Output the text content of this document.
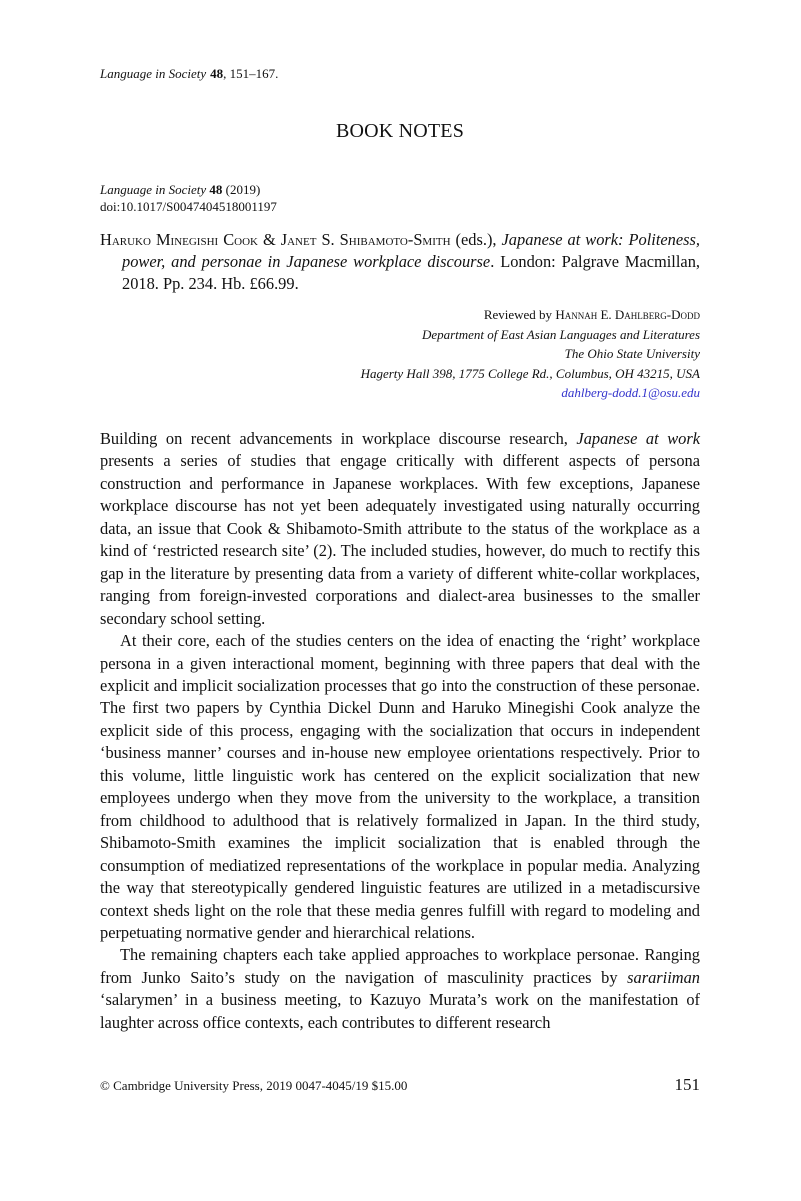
Language in Society 48, 151–167.
BOOK NOTES
Language in Society 48 (2019)
doi:10.1017/S0047404518001197
Haruko Minegishi Cook & Janet S. Shibamoto-Smith (eds.), Japanese at work: Politeness, power, and personae in Japanese workplace discourse. London: Palgrave Macmillan, 2018. Pp. 234. Hb. £66.99.
Reviewed by Hannah E. Dahlberg-Dodd
Department of East Asian Languages and Literatures
The Ohio State University
Hagerty Hall 398, 1775 College Rd., Columbus, OH 43215, USA
dahlberg-dodd.1@osu.edu

Building on recent advancements in workplace discourse research, Japanese at work presents a series of studies that engage critically with different aspects of persona construction and performance in Japanese workplaces. With few exceptions, Japanese workplace discourse has not yet been adequately investigated using naturally occurring data, an issue that Cook & Shibamoto-Smith attribute to the status of the workplace as a kind of ‘restricted research site’ (2). The included studies, however, do much to rectify this gap in the literature by presenting data from a variety of different white-collar workplaces, ranging from foreign-invested corporations and dialect-area businesses to the smaller secondary school setting.

At their core, each of the studies centers on the idea of enacting the ‘right’ workplace persona in a given interactional moment, beginning with three papers that deal with the explicit and implicit socialization processes that go into the construction of these personae. The first two papers by Cynthia Dickel Dunn and Haruko Minegishi Cook analyze the explicit side of this process, engaging with the socialization that occurs in independent ‘business manner’ courses and in-house new employee orientations respectively. Prior to this volume, little linguistic work has centered on the explicit socialization that new employees undergo when they move from the university to the workplace, a transition from childhood to adulthood that is relatively formalized in Japan. In the third study, Shibamoto-Smith examines the implicit socialization that is enabled through the consumption of mediatized representations of the workplace in popular media. Analyzing the way that stereotypically gendered linguistic features are utilized in a metadiscursive context sheds light on the role that these media genres fulfill with regard to modeling and perpetuating normative gender and hierarchical relations.

The remaining chapters each take applied approaches to workplace personae. Ranging from Junko Saito’s study on the navigation of masculinity practices by sarariiman ‘salarymen’ in a business meeting, to Kazuyo Murata’s work on the manifestation of laughter across office contexts, each contributes to different research

© Cambridge University Press, 2019 0047-4045/19 $15.00	151
